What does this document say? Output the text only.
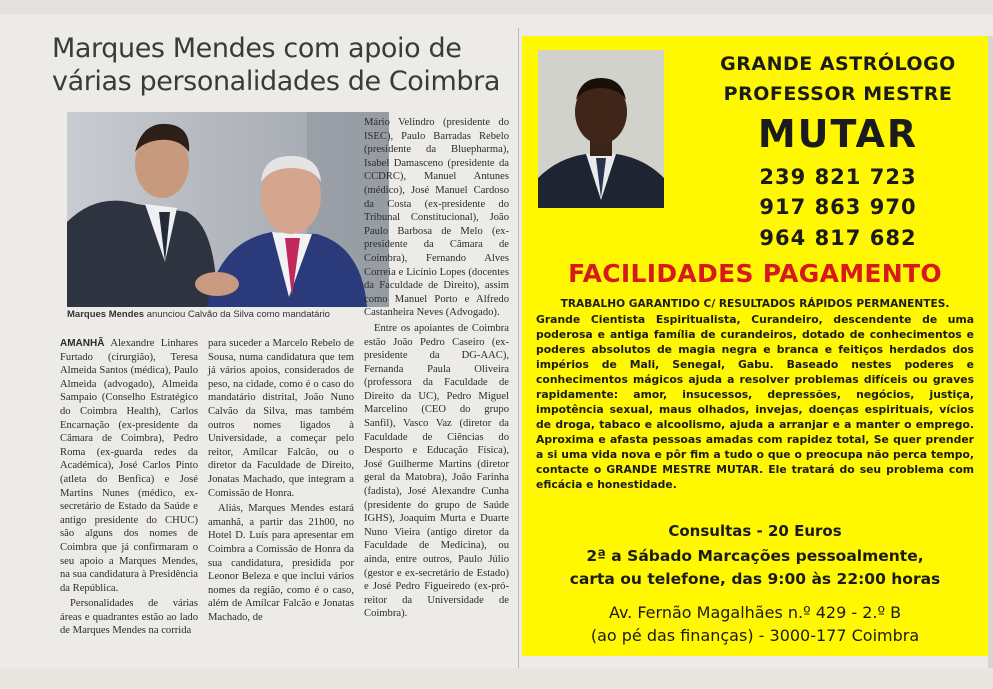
Marques Mendes com apoio de
várias personalidades de Coimbra
Marques Mendes anunciou Calvão da Silva como mandatário

AMANHÃ Alexandre Linhares Furtado (cirurgião), Teresa Almeida Santos (médica), Paulo Almeida (advogado), Almeida Sampaio (Conselho Estratégico do Coimbra Health), Carlos Encarnação (ex-presidente da Câmara de Coimbra), Pedro Roma (ex-guarda redes da Académica), José Carlos Pinto (atleta do Benfica) e José Martins Nunes (médico, ex-secretário de Estado da Saúde e antigo presidente do CHUC) são alguns dos nomes de Coimbra que já confirmaram o seu apoio a Marques Mendes, na sua candidatura à Presidência da República.

Personalidades de várias áreas e quadrantes estão ao lado de Marques Mendes na corrida

para suceder a Marcelo Rebelo de Sousa, numa candidatura que tem já vários apoios, considerados de peso, na cidade, como é o caso do mandatário distrital, João Nuno Calvão da Silva, mas também outros nomes ligados à Universidade, a começar pelo reitor, Amílcar Falcão, ou o diretor da Faculdade de Direito, Jonatas Machado, que integram a Comissão de Honra.

Aliás, Marques Mendes estará amanhã, a partir das 21h00, no Hotel D. Luís para apresentar em Coimbra a Comissão de Honra da sua candidatura, presidida por Leonor Beleza e que inclui vários nomes da região, como é o caso, além de Amílcar Falcão e Jonatas Machado, de

Mário Velindro (presidente do ISEC), Paulo Barradas Rebelo (presidente da Bluepharma), Isabel Damasceno (presidente da CCDRC), Manuel Antunes (médico), José Manuel Cardoso da Costa (ex-presidente do Tribunal Constitucional), João Paulo Barbosa de Melo (ex-presidente da Câmara de Coimbra), Fernando Alves Correia e Licínio Lopes (docentes da Faculdade de Direito), assim como Manuel Porto e Alfredo Castanheira Neves (Advogado).

Entre os apoiantes de Coimbra estão João Pedro Caseiro (ex-presidente da DG-AAC), Fernanda Paula Oliveira (professora da Faculdade de Direito da UC), Pedro Miguel Marcelino (CEO do grupo Sanfil), Vasco Vaz (diretor da Faculdade de Ciências do Desporto e Educação Física), José Guilherme Martins (diretor geral da Matobra), João Farinha (fadista), José Alexandre Cunha (presidente do grupo de Saúde IGHS), Joaquim Murta e Duarte Nuno Vieira (antigo diretor da Faculdade de Medicina), ou ainda, entre outros, Paulo Júlio (gestor e ex-secretário de Estado) e José Pedro Figueiredo (ex-pró-reitor da Universidade de Coimbra).

GRANDE ASTRÓLOGO
PROFESSOR MESTRE
MUTAR
239 821 723
917 863 970
964 817 682
FACILIDADES PAGAMENTO
TRABALHO GARANTIDO C/ RESULTADOS RÁPIDOS PERMANENTES.
Grande Cientista Espiritualista, Curandeiro, descendente de uma poderosa e antiga família de curandeiros, dotado de conhecimentos e poderes absolutos de magia negra e branca e feitiços herdados dos impérios de Mali, Senegal, Gabu. Baseado nestes poderes e conhecimentos mágicos ajuda a resolver problemas difíceis ou graves rapidamente: amor, insucessos, depressões, negócios, justiça, impotência sexual, maus olhados, invejas, doenças espirituais, vícios de droga, tabaco e alcoolismo, ajuda a arranjar e a manter o emprego. Aproxima e afasta pessoas amadas com rapidez total, Se quer prender a si uma vida nova e pôr fim a tudo o que o preocupa não perca tempo, contacte o GRANDE MESTRE MUTAR. Ele tratará do seu problema com eficácia e honestidade.
Consultas - 20 Euros
2ª a Sábado Marcações pessoalmente,
carta ou telefone, das 9:00 às 22:00 horas
Av. Fernão Magalhães n.º 429 - 2.º B
(ao pé das finanças) - 3000-177 Coimbra
